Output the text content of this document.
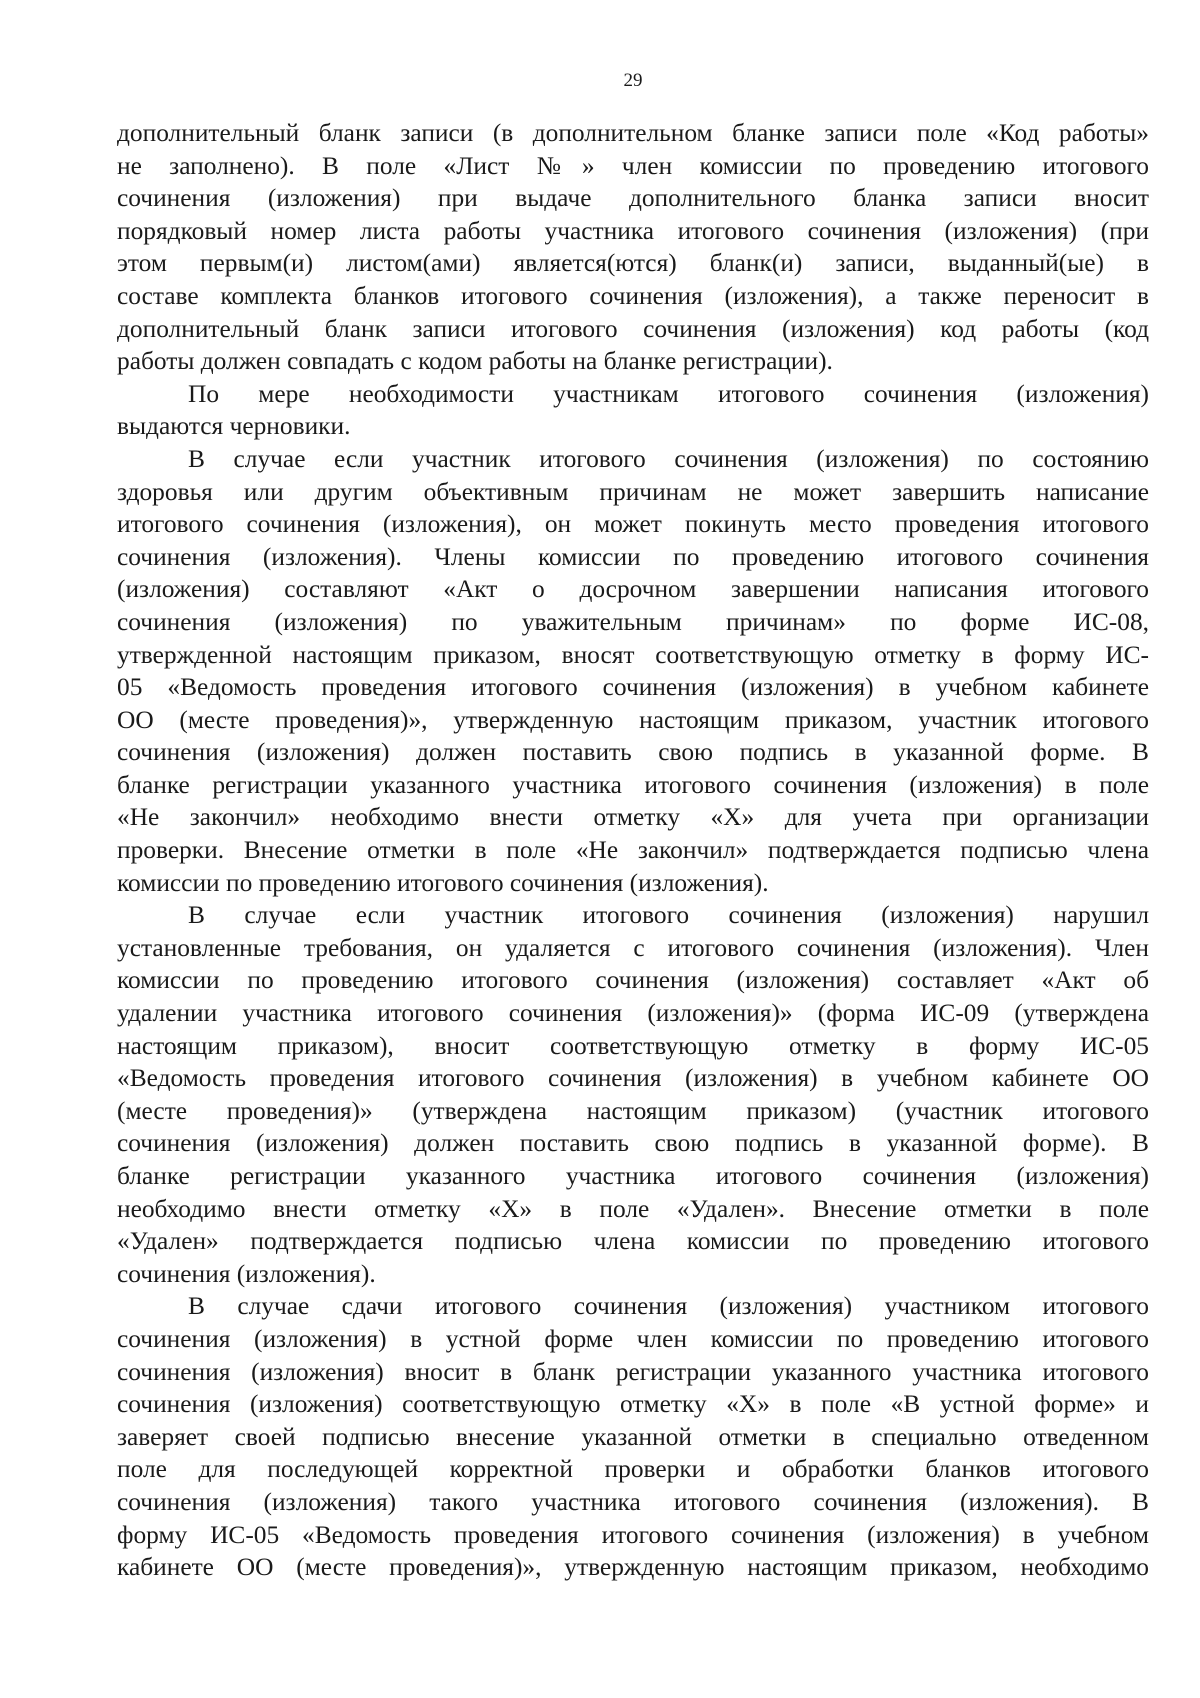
29
дополнительный бланк записи (в дополнительном бланке записи поле «Код работы»
не заполнено). В поле «Лист №» член комиссии по проведению итогового
сочинения (изложения) при выдаче дополнительного бланка записи вносит
порядковый номер листа работы участника итогового сочинения (изложения) (при
этом первым(и) листом(ами) является(ются) бланк(и) записи, выданный(ые) в
составе комплекта бланков итогового сочинения (изложения), а также переносит в
дополнительный бланк записи итогового сочинения (изложения) код работы (код
работы должен совпадать с кодом работы на бланке регистрации).
По мере необходимости участникам итогового сочинения (изложения)
выдаются черновики.
В случае если участник итогового сочинения (изложения) по состоянию
здоровья или другим объективным причинам не может завершить написание
итогового сочинения (изложения), он может покинуть место проведения итогового
сочинения (изложения). Члены комиссии по проведению итогового сочинения
(изложения) составляют «Акт о досрочном завершении написания итогового
сочинения (изложения) по уважительным причинам» по форме ИС-08,
утвержденной настоящим приказом, вносят соответствующую отметку в форму ИС-
05 «Ведомость проведения итогового сочинения (изложения) в учебном кабинете
ОО (месте проведения)», утвержденную настоящим приказом, участник итогового
сочинения (изложения) должен поставить свою подпись в указанной форме. В
бланке регистрации указанного участника итогового сочинения (изложения) в поле
«Не закончил» необходимо внести отметку «Х» для учета при организации
проверки. Внесение отметки в поле «Не закончил» подтверждается подписью члена
комиссии по проведению итогового сочинения (изложения).
В случае если участник итогового сочинения (изложения) нарушил
установленные требования, он удаляется с итогового сочинения (изложения). Член
комиссии по проведению итогового сочинения (изложения) составляет «Акт об
удалении участника итогового сочинения (изложения)» (форма ИС-09 (утверждена
настоящим приказом), вносит соответствующую отметку в форму ИС-05
«Ведомость проведения итогового сочинения (изложения) в учебном кабинете ОО
(месте проведения)» (утверждена настоящим приказом) (участник итогового
сочинения (изложения) должен поставить свою подпись в указанной форме). В
бланке регистрации указанного участника итогового сочинения (изложения)
необходимо внести отметку «Х» в поле «Удален». Внесение отметки в поле
«Удален» подтверждается подписью члена комиссии по проведению итогового
сочинения (изложения).
В случае сдачи итогового сочинения (изложения) участником итогового
сочинения (изложения) в устной форме член комиссии по проведению итогового
сочинения (изложения) вносит в бланк регистрации указанного участника итогового
сочинения (изложения) соответствующую отметку «Х» в поле «В устной форме» и
заверяет своей подписью внесение указанной отметки в специально отведенном
поле для последующей корректной проверки и обработки бланков итогового
сочинения (изложения) такого участника итогового сочинения (изложения). В
форму ИС-05 «Ведомость проведения итогового сочинения (изложения) в учебном
кабинете ОО (месте проведения)», утвержденную настоящим приказом, необходимо
